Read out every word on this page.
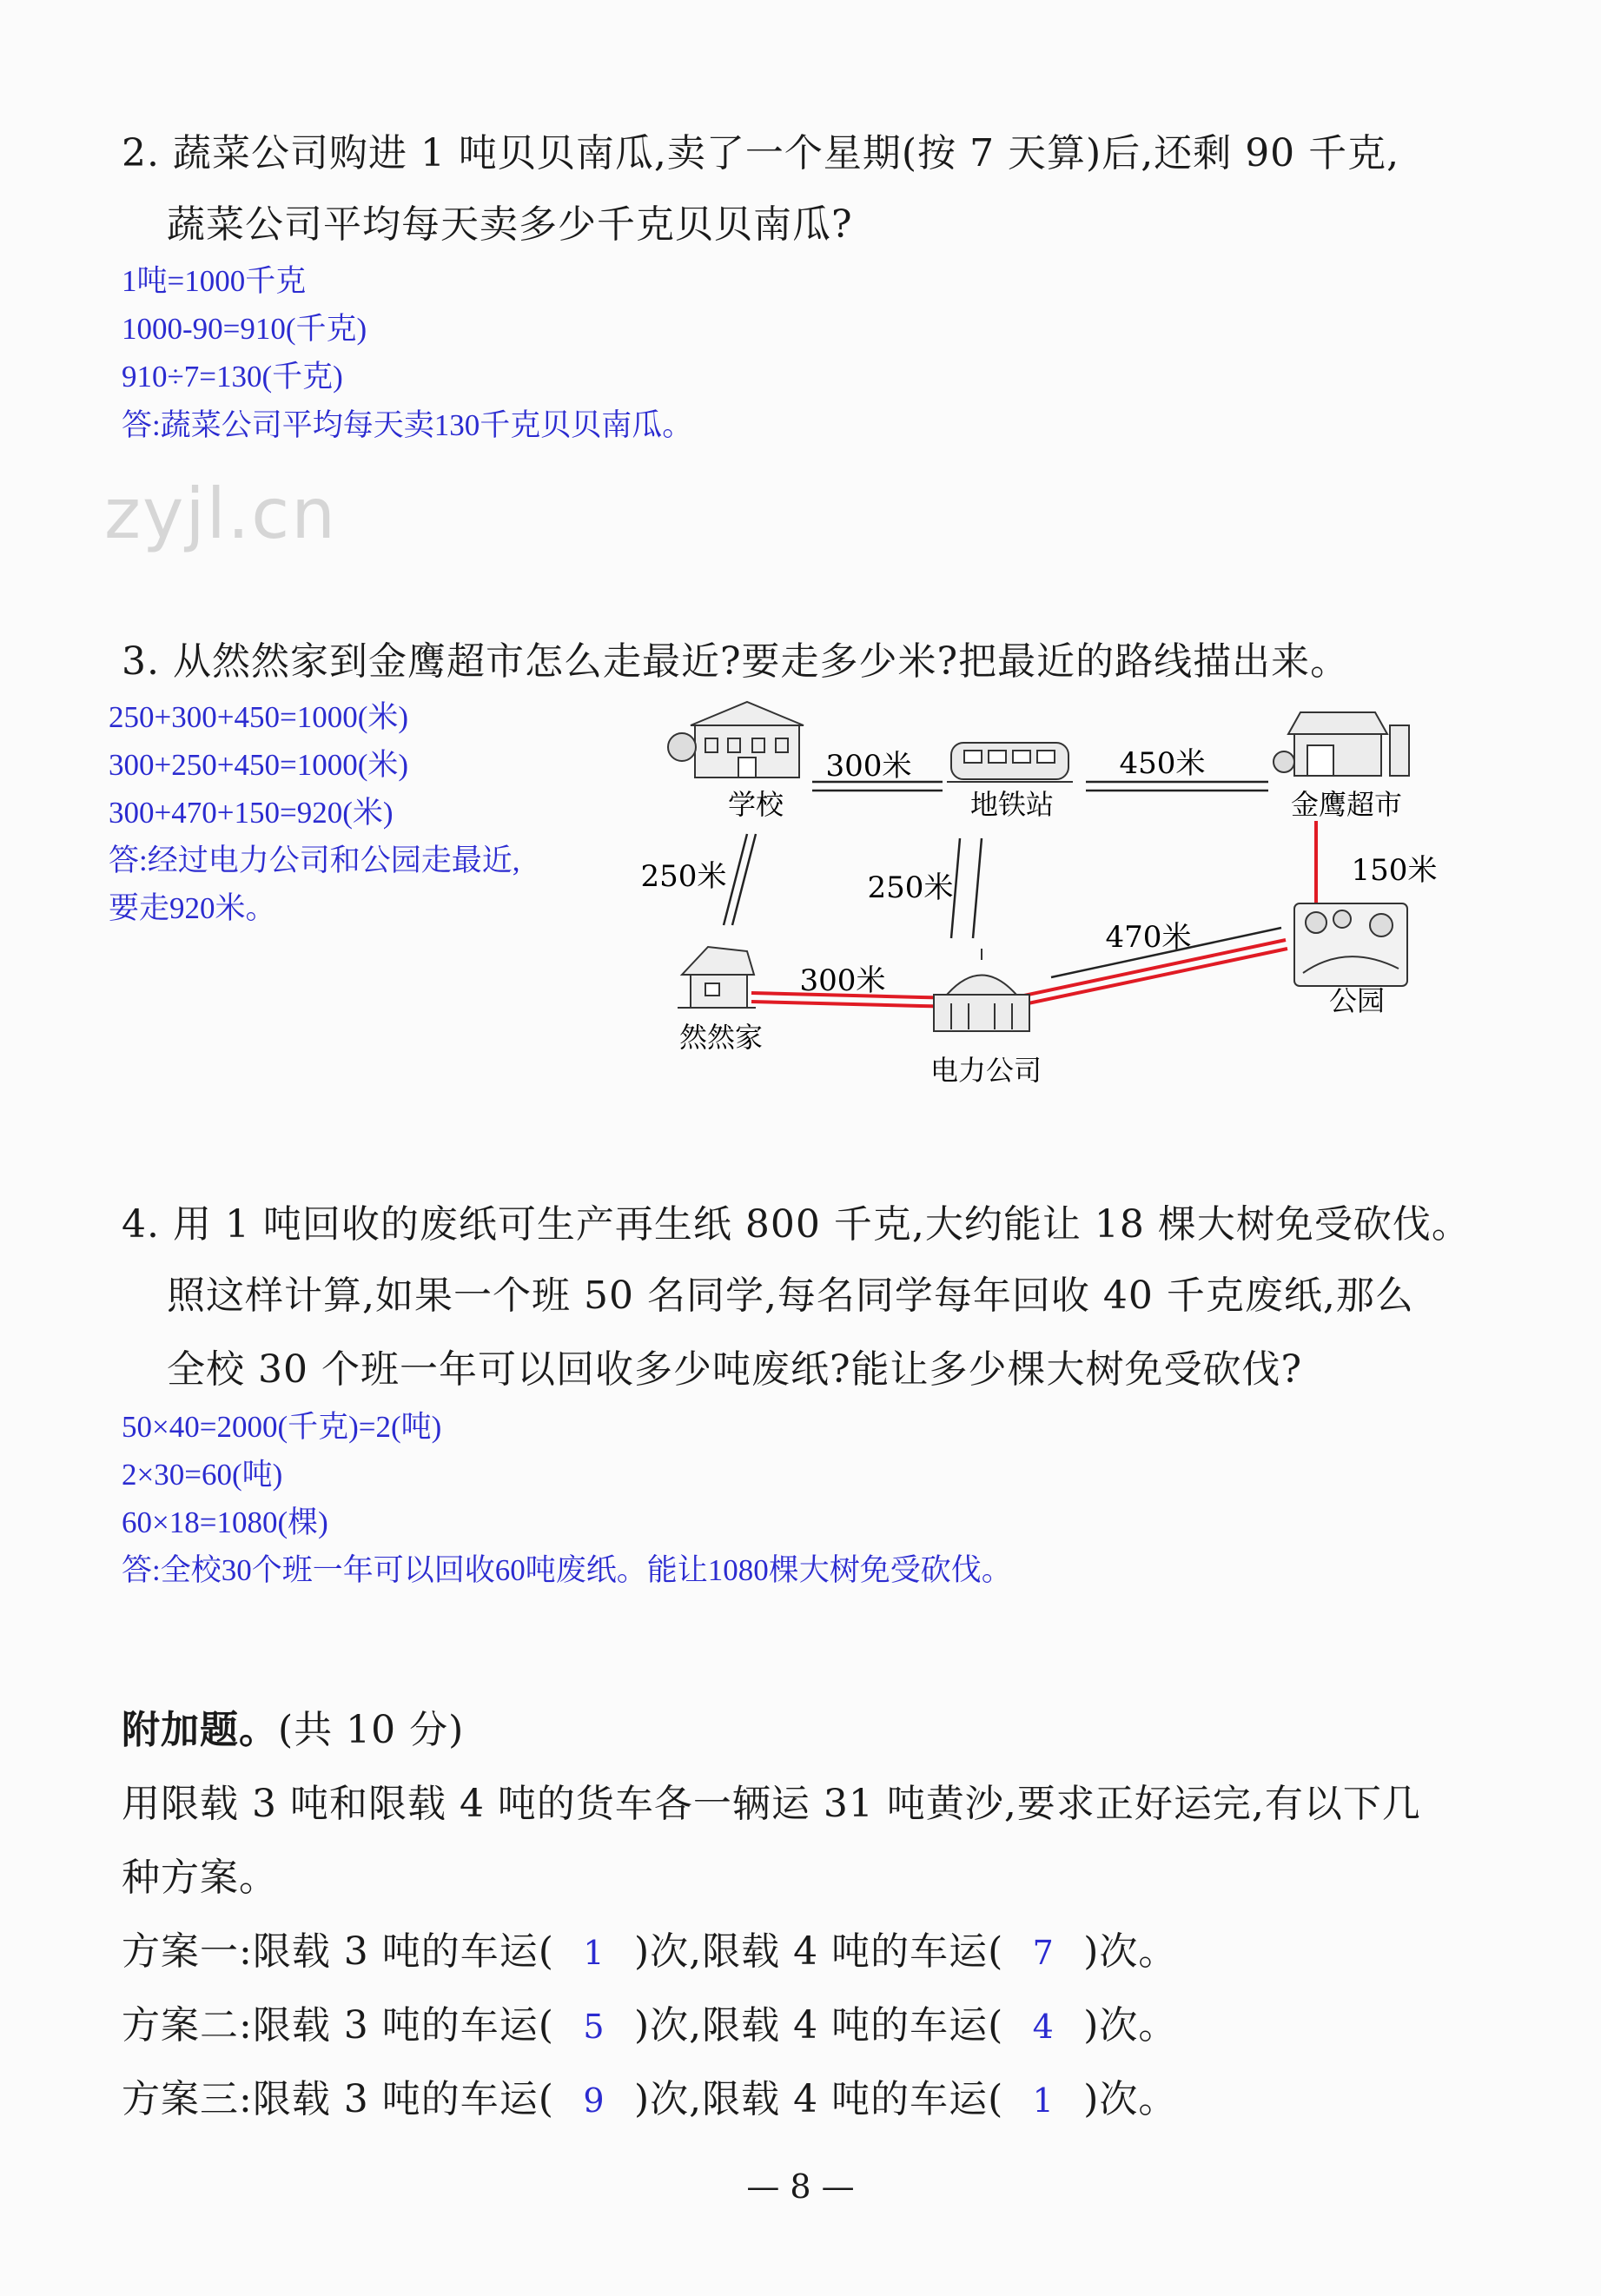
2. 蔬菜公司购进 1 吨贝贝南瓜,卖了一个星期(按 7 天算)后,还剩 90 千克,
蔬菜公司平均每天卖多少千克贝贝南瓜?
1吨=1000千克
1000-90=910(千克)
910÷7=130(千克)
答:蔬菜公司平均每天卖130千克贝贝南瓜。
zyjl.cn
3. 从然然家到金鹰超市怎么走最近?要走多少米?把最近的路线描出来。
250+300+450=1000(米)
300+250+450=1000(米)
300+470+150=920(米)
答:经过电力公司和公园走最近,
要走920米。
学校	地铁站	金鹰超市
然然家
电力公司
公园
300米	450米
250米	250米
300米
470米
150米
4. 用 1 吨回收的废纸可生产再生纸 800 千克,大约能让 18 棵大树免受砍伐。
照这样计算,如果一个班 50 名同学,每名同学每年回收 40 千克废纸,那么
全校 30 个班一年可以回收多少吨废纸?能让多少棵大树免受砍伐?
50×40=2000(千克)=2(吨)
2×30=60(吨)
60×18=1080(棵)
答:全校30个班一年可以回收60吨废纸。能让1080棵大树免受砍伐。
附加题。(共 10 分)
用限载 3 吨和限载 4 吨的货车各一辆运 31 吨黄沙,要求正好运完,有以下几
种方案。
方案一:限载 3 吨的车运( 1 )次,限载 4 吨的车运( 7 )次。
方案二:限载 3 吨的车运( 5 )次,限载 4 吨的车运( 4 )次。
方案三:限载 3 吨的车运( 9 )次,限载 4 吨的车运( 1 )次。
— 8 —
